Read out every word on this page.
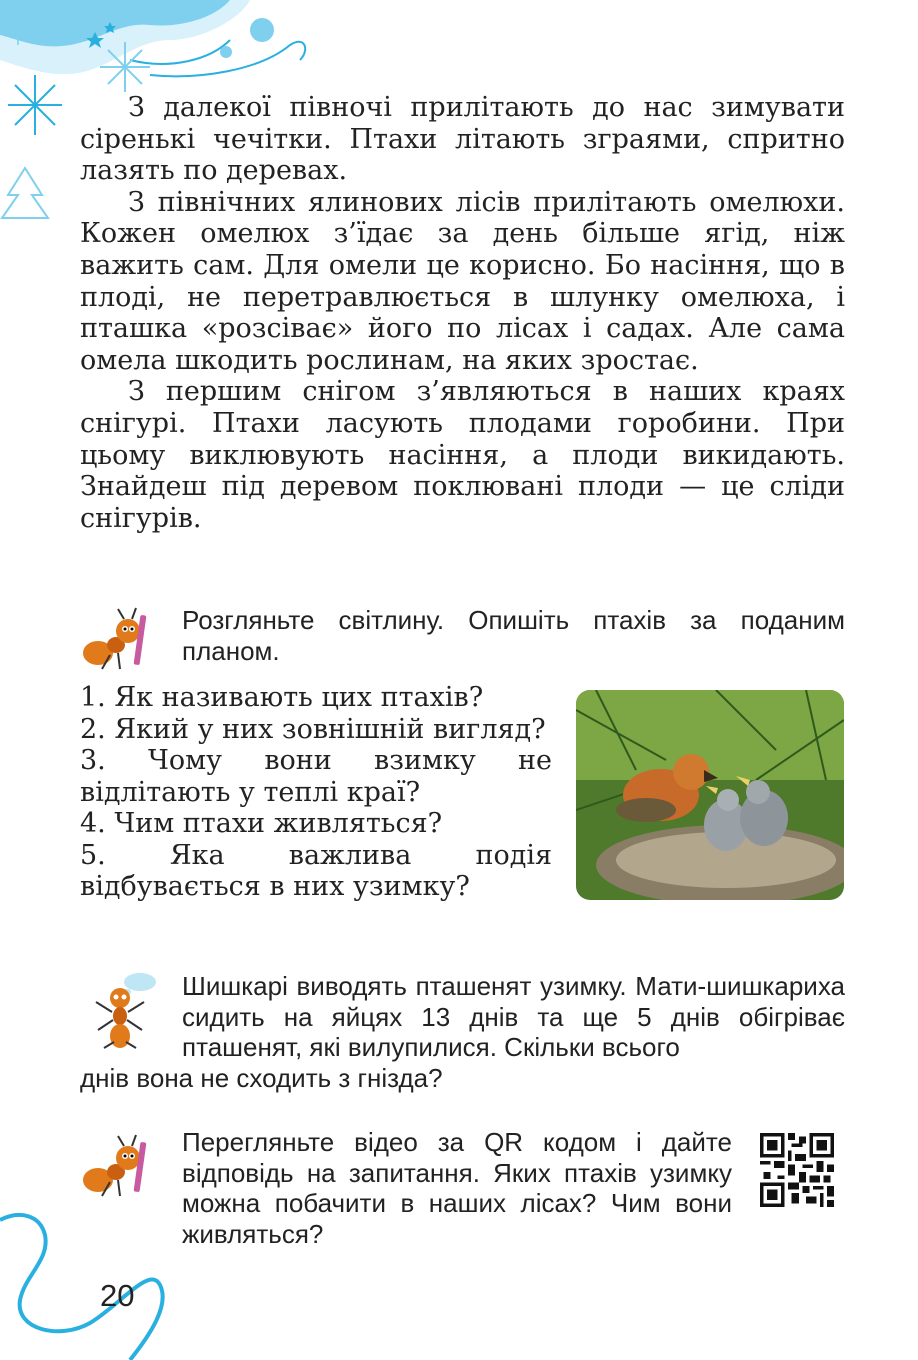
З далекої півночі прилітають до нас зимувати сіренькі чечітки. Птахи літають зграями, спритно лазять по деревах.

З північних ялинових лісів прилітають омелюхи. Кожен омелюх з’їдає за день більше ягід, ніж важить сам. Для омели це корисно. Бо насіння, що в плоді, не перетравлюється в шлунку омелюха, і пташка «розсіває» його по лісах і садах. Але сама омела шкодить рослинам, на яких зростає.

З першим снігом з’являються в наших краях снігурі. Птахи ласують плодами горобини. При цьому виклювують насіння, а плоди викидають. Знайдеш під деревом поклювані плоди — це сліди снігурів.

Розгляньте світлину. Опишіть птахів за поданим планом.
1. Як називають цих птахів?
2. Який у них зовнішній вигляд?
3. Чому вони взимку не відлітають у теплі краї?
4. Чим птахи живляться?
5. Яка важлива подія відбувається в них узимку?
Шишкарі виводять пташенят узимку. Мати-шишкариха сидить на яйцях 13 днів та ще 5 днів обігріває пташенят, які вилупилися. Скільки всього
днів вона не сходить з гнізда?
Перегляньте відео за QR кодом і дайте відповідь на запитання. Яких птахів узимку можна побачити в наших лісах? Чим вони живляться?
20
